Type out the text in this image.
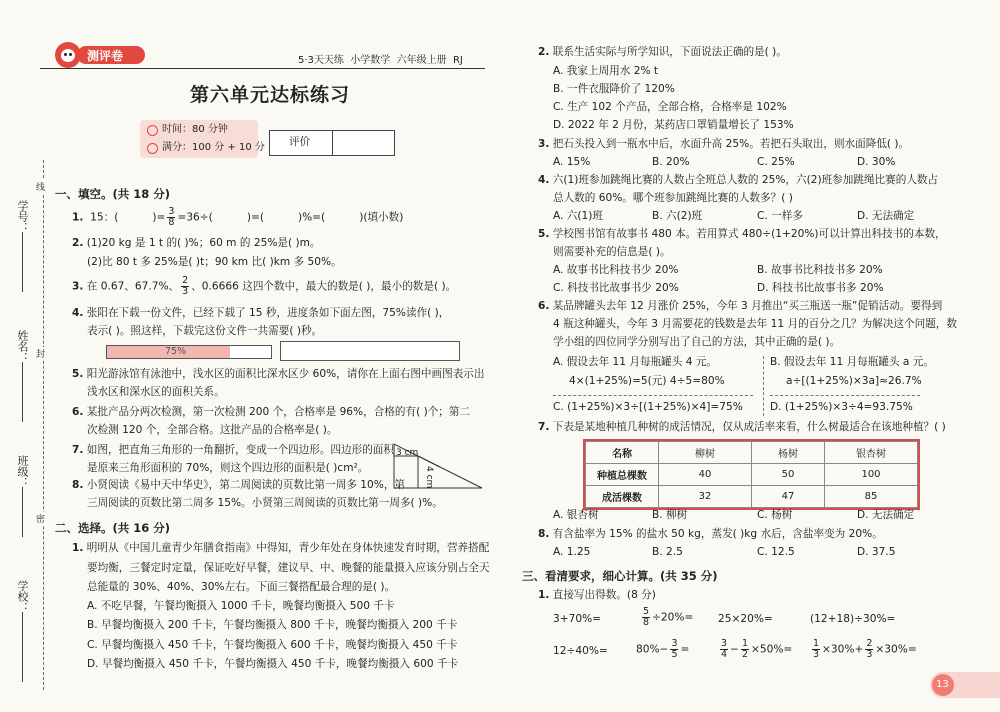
测评卷	5·3天天练 小学数学 六年级上册 RJ
第六单元达标练习
时间：80 分钟
满分：100 分 + 10 分 评价
学号：
姓名：
班级：
学校：
线
封
密
一、填空。(共 18 分)
1. 15：(	)= $\frac{3}{8} =36\div$(	)=(	)%=(	)(填小数)
2. (1)20 kg 是 1 t 的( )%；60 m 的 25%是( )m。
(2)比 80 t 多 25%是( )t；90 km 比( )km 多 50%。
3. 在 0.67、67.7%、 $\frac{2}{3}$ 、0.6666 这四个数中，最大的数是( )，最小的数是( )。
4. 张阳在下载一份文件，已经下载了 15 秒，进度条如下面左图，75%读作( )，
表示( )。照这样，下载完这份文件一共需要( )秒。
75%
5. 阳光游泳馆有泳池中，浅水区的面积比深水区少 60%，请你在上面右图中画图表示出
浅水区和深水区的面积关系。
6. 某批产品分两次检测，第一次检测 200 个，合格率是 96%，合格的有( )个；第二
次检测 120 个，全部合格。这批产品的合格率是( )。
7. 如图，把直角三角形的一角翻折，变成一个四边形。四边形的面积
是原来三角形面积的 70%，则这个四边形的面积是( )cm²。
3 cm
4 cm
8. 小贤阅读《易中天中华史》，第二周阅读的页数比第一周多 10%，第
三周阅读的页数比第二周多 15%。小贤第三周阅读的页数比第一周多( )%。
二、选择。(共 16 分)
1. 明明从《中国儿童青少年膳食指南》中得知，青少年处在身体快速发育时期，营养搭配
要均衡，三餐定时定量，保证吃好早餐，建议早、中、晚餐的能量摄入应该分别占全天
总能量的 30%、40%、30%左右。下面三餐搭配最合理的是( )。
A. 不吃早餐，午餐均衡摄入 1000 千卡，晚餐均衡摄入 500 千卡
B. 早餐均衡摄入 200 千卡，午餐均衡摄入 800 千卡，晚餐均衡摄入 200 千卡
C. 早餐均衡摄入 450 千卡，午餐均衡摄入 600 千卡，晚餐均衡摄入 450 千卡
D. 早餐均衡摄入 450 千卡，午餐均衡摄入 450 千卡，晚餐均衡摄入 600 千卡
2. 联系生活实际与所学知识，下面说法正确的是( )。
A. 我家上周用水 2% t
B. 一件衣服降价了 120%
C. 生产 102 个产品，全部合格，合格率是 102%
D. 2022 年 2 月份，某药店口罩销量增长了 153%
3. 把石头投入到一瓶水中后，水面升高 25%。若把石头取出，则水面降低( )。
A. 15%	B. 20%	C. 25%	D. 30%
4. 六(1)班参加跳绳比赛的人数占全班总人数的 25%，六(2)班参加跳绳比赛的人数占
总人数的 60%。哪个班参加跳绳比赛的人数多？( )
A. 六(1)班	B. 六(2)班	C. 一样多	D. 无法确定
5. 学校图书馆有故事书 480 本。若用算式 480÷(1+20%)可以计算出科技书的本数，
则需要补充的信息是( )。
A. 故事书比科技书少 20%	B. 故事书比科技书多 20%
C. 科技书比故事书少 20%	D. 科技书比故事书多 20%
6. 某品牌罐头去年 12 月涨价 25%，今年 3 月推出“买三瓶送一瓶”促销活动。要得到
4 瓶这种罐头，今年 3 月需要花的钱数是去年 11 月的百分之几？为解决这个问题，数
学小组的四位同学分别写出了自己的方法，其中正确的是( )。
A. 假设去年 11 月每瓶罐头 4 元。
4×(1+25%)=5(元) 4÷5=80%
B. 假设去年 11 月每瓶罐头 a 元。
a÷[(1+25%)×3a]≈26.7%
C. (1+25%)×3÷[(1+25%)×4]=75%	D. (1+25%)×3÷4=93.75%
7. 下表是某地种植几种树的成活情况，仅从成活率来看，什么树最适合在该地种植？( )
名称	柳树	杨树	银杏树
种植总棵数	40	50	100
成活棵数	32	47	85
A. 银杏树	B. 柳树	C. 杨树	D. 无法确定
8. 有含盐率为 15% 的盐水 50 kg，蒸发( )kg 水后，含盐率变为 20%。
A. 1.25	B. 2.5	C. 12.5	D. 37.5
三、看清要求，细心计算。(共 35 分)
1. 直接写出得数。(8 分)
3+70%=	$\frac{5}{8} \div 20\%= 25\times 20\%=$	(12+18)÷30%=
12÷40%=	$80\%- \frac{3}{5}$ =	$\frac{3}{4} - \frac{1}{2} \times 50\%= \frac{1}{3} \times 30\%+ \frac{2}{3} \times 30\%=$
13
